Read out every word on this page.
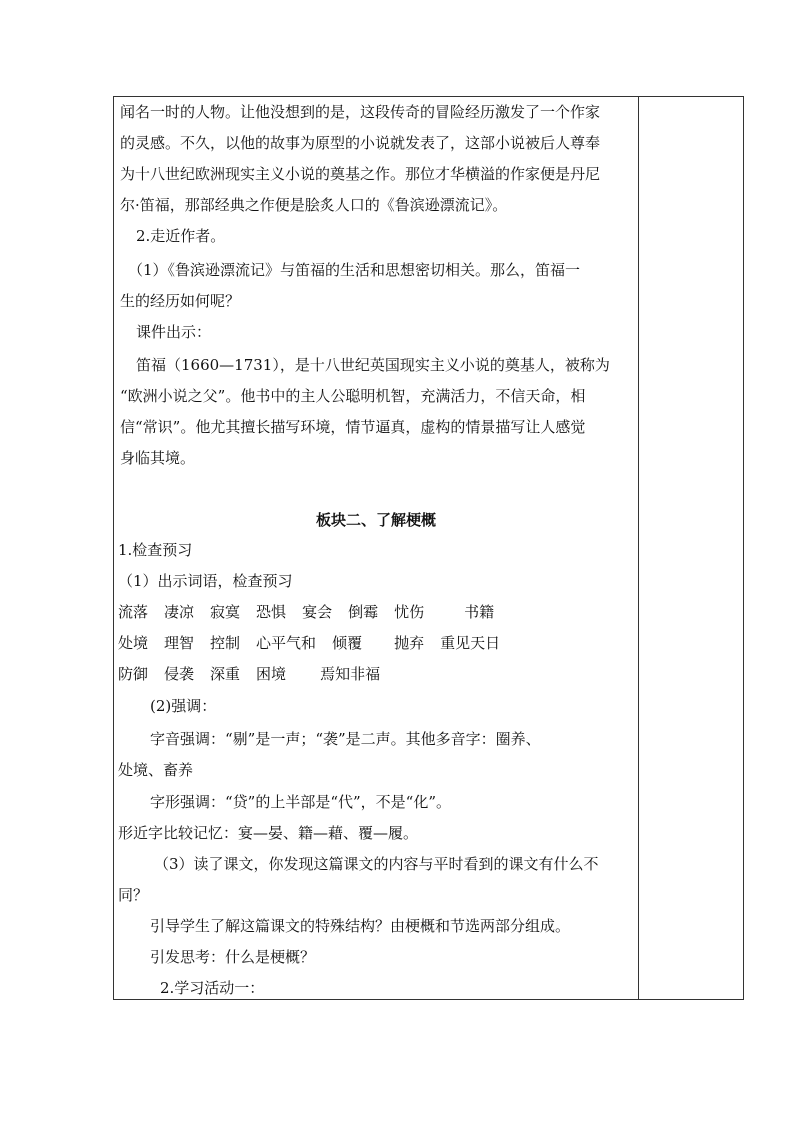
闻名一时的人物。让他没想到的是，这段传奇的冒险经历激发了一个作家
的灵感。不久，以他的故事为原型的小说就发表了，这部小说被后人尊奉
为十八世纪欧洲现实主义小说的奠基之作。那位才华横溢的作家便是丹尼
尔·笛福，那部经典之作便是脍炙人口的《鲁滨逊漂流记》。
2.走近作者。
（1）《鲁滨逊漂流记》与笛福的生活和思想密切相关。那么，笛福一
生的经历如何呢？
课件出示：
笛福（1660—1731），是十八世纪英国现实主义小说的奠基人，被称为
“欧洲小说之父”。他书中的主人公聪明机智，充满活力，不信天命，相
信“常识”。他尤其擅长描写环境，情节逼真，虚构的情景描写让人感觉
身临其境。
板块二、了解梗概
1.检查预习
（1）出示词语，检查预习
流落 凄凉 寂寞 恐惧 宴会 倒霉 忧伤	书籍
处境 理智 控制 心平气和 倾覆 抛弃 重见天日
防御 侵袭 深重 困境 焉知非福
(2)强调：
字音强调：“剔”是一声；“袭”是二声。其他多音字：圈养、
处境、畜养
字形强调：“贷”的上半部是“代”，不是“化”。
形近字比较记忆：宴—晏、籍—藉、覆—履。
（3）读了课文，你发现这篇课文的内容与平时看到的课文有什么不
同？
引导学生了解这篇课文的特殊结构？由梗概和节选两部分组成。
引发思考：什么是梗概？
2.学习活动一：
